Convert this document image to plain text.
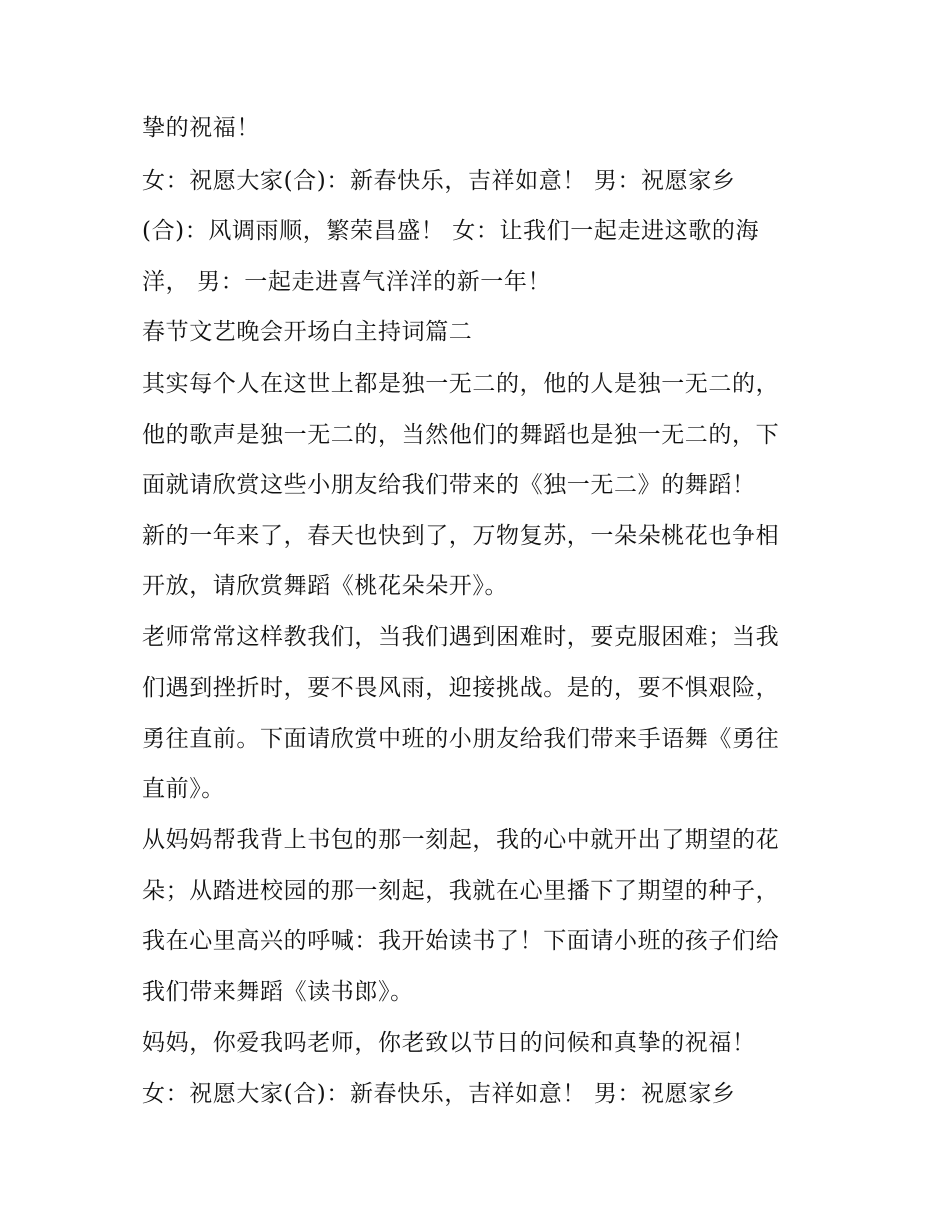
挚的祝福！
女：祝愿大家(合)：新春快乐，吉祥如意！ 男：祝愿家乡
(合)：风调雨顺，繁荣昌盛！ 女：让我们一起走进这歌的海
洋， 男：一起走进喜气洋洋的新一年！
春节文艺晚会开场白主持词篇二
其实每个人在这世上都是独一无二的，他的人是独一无二的，
他的歌声是独一无二的，当然他们的舞蹈也是独一无二的，下
面就请欣赏这些小朋友给我们带来的《独一无二》的舞蹈！
新的一年来了，春天也快到了，万物复苏，一朵朵桃花也争相
开放，请欣赏舞蹈《桃花朵朵开》。
老师常常这样教我们，当我们遇到困难时，要克服困难；当我
们遇到挫折时，要不畏风雨，迎接挑战。是的，要不惧艰险，
勇往直前。下面请欣赏中班的小朋友给我们带来手语舞《勇往
直前》。
从妈妈帮我背上书包的那一刻起，我的心中就开出了期望的花
朵；从踏进校园的那一刻起，我就在心里播下了期望的种子，
我在心里高兴的呼喊：我开始读书了！下面请小班的孩子们给
我们带来舞蹈《读书郎》。
妈妈，你爱我吗老师，你老致以节日的问候和真挚的祝福！
女：祝愿大家(合)：新春快乐，吉祥如意！ 男：祝愿家乡
